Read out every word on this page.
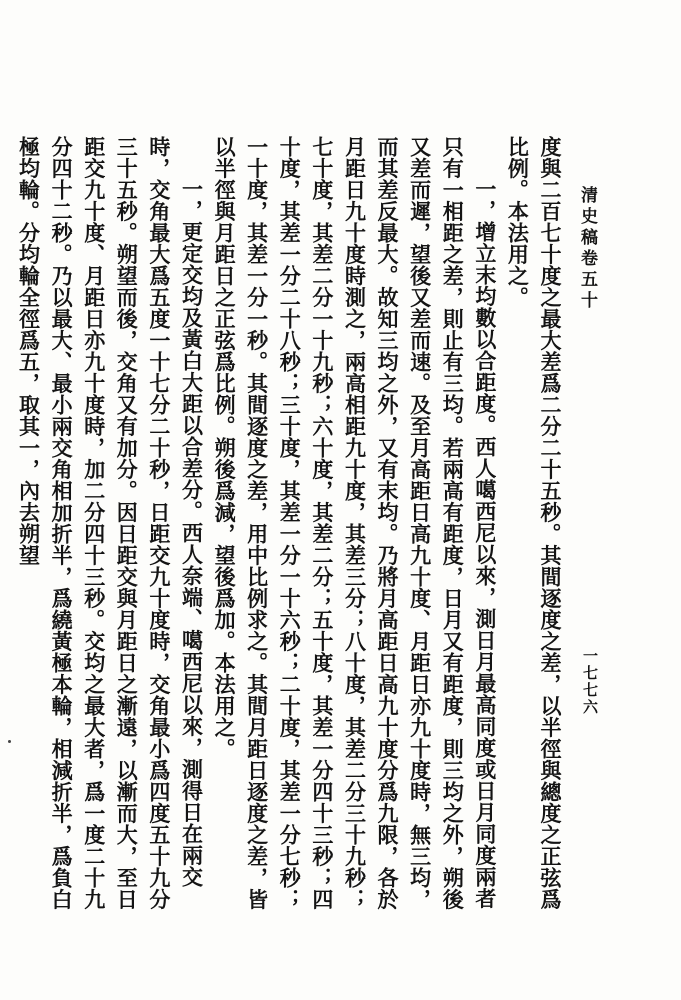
清史稿卷五十
一七七六

度與二百七十度之最大差爲二分二十五秒。其間逐度之差，以半徑與總度之正弦爲比例。本法用之。

一，增立末均數以合距度。西人噶西尼以來，測日月最高同度或日月同度兩者只有一相距之差，則止有三均。若兩高有距度，日月又有距度，則三均之外，朔後又差而遲，望後又差而速。及至月高距日高九十度、月距日亦九十度時，無三均，而其差反最大。故知三均之外，又有末均。乃將月高距日高九十度分爲九限，各於月距日九十度時測之，兩高相距九十度，其差三分；八十度，其差二分三十九秒；七十度，其差二分一十九秒；六十度，其差二分；五十度，其差一分四十三秒；四十度，其差一分二十八秒；三十度，其差一分一十六秒；二十度，其差一分七秒；一十度，其差一分一秒。其間逐度之差，用中比例求之。其間月距日逐度之差，皆以半徑與月距日之正弦爲比例。朔後爲減，望後爲加。本法用之。

一，更定交均及黃白大距以合差分。西人奈端、噶西尼以來，測得日在兩交時，交角最大爲五度一十七分二十秒，日距交九十度時，交角最小爲四度五十九分三十五秒。朔望而後，交角又有加分。因日距交與月距日之漸遠，以漸而大，至日距交九十度、月距日亦九十度時，加二分四十三秒。交均之最大者，爲一度二十九分四十二秒。乃以最大、最小兩交角相加折半，爲繞黃極本輪，相減折半，爲負白極均輪。分均輪全徑爲五，取其一，內去朔望
